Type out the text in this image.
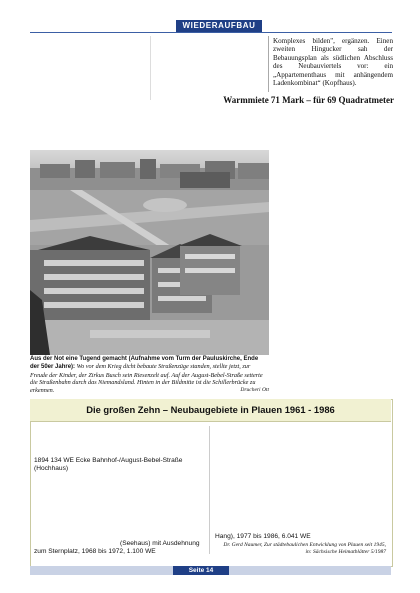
WIEDERAUFBAU
Komplexes bilden", ergänzen. Einen zweiten Hingucker sah der Bebauungsplan als südlichen Abschluss des Neubauviertels vor: ein „Appartementhaus mit anhängendem Ladenkombinat“ (Kopfhaus).
Warmmiete 71 Mark – für 69 Quadratmeter
Aus der Not eine Tugend gemacht (Aufnahme vom Turm der Pauluskirche, Ende der 50er Jahre): Wo vor dem Krieg dicht bebaute Straßenzüge standen, stellte jetzt, zur Freude der Kinder, der Zirkus Busch sein Riesenzelt auf. Auf der August-Bebel-Straße setterte die Straßenbahn durch das Niemandsland. Hinten in der Bildmitte ist die Schillerbrücke zu erkennen.	Drucheri Ott
Die großen Zehn – Neubaugebiete in Plauen 1961 - 1986
1894 134 WE Ecke Bahnhof-/August-Bebel-Straße (Hochhaus)
(Seehaus) mit Ausdehnung
zum Sternplatz, 1968 bis 1972, 1.100 WE
Hang), 1977 bis 1986, 6.041 WE
Dr. Gerd Naumer, Zur städtebaulichen Entwicklung von Plauen seit 1945,
in: Sächsische Heimatblätter 5/1987
Seite 14
